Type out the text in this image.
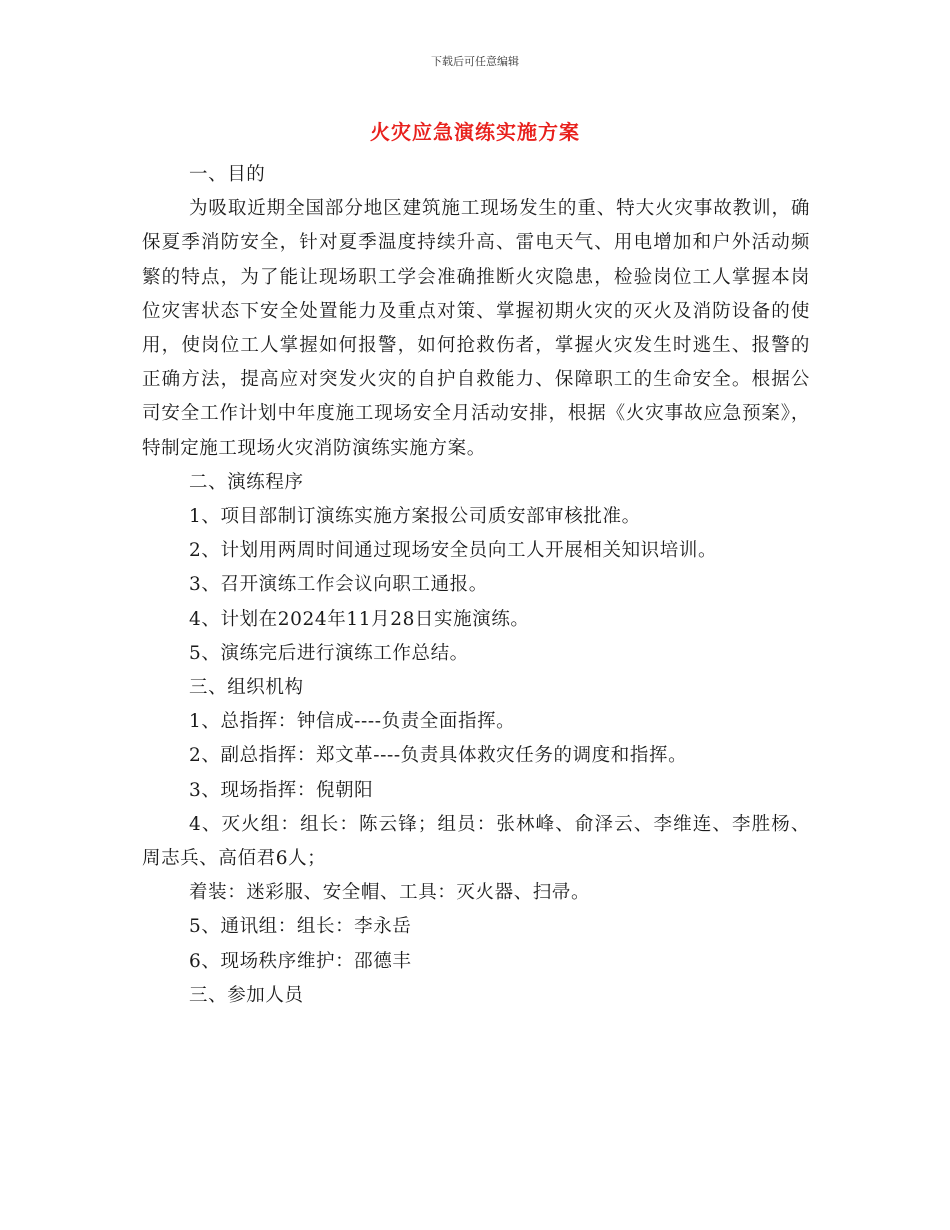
下载后可任意编辑
火灾应急演练实施方案

一、目的

为吸取近期全国部分地区建筑施工现场发生的重、特大火灾事故教训，确保夏季消防安全，针对夏季温度持续升高、雷电天气、用电增加和户外活动频繁的特点，为了能让现场职工学会准确推断火灾隐患，检验岗位工人掌握本岗位灾害状态下安全处置能力及重点对策、掌握初期火灾的灭火及消防设备的使用，使岗位工人掌握如何报警，如何抢救伤者，掌握火灾发生时逃生、报警的正确方法，提高应对突发火灾的自护自救能力、保障职工的生命安全。根据公司安全工作计划中年度施工现场安全月活动安排，根据《火灾事故应急预案》，特制定施工现场火灾消防演练实施方案。

二、演练程序

1、项目部制订演练实施方案报公司质安部审核批准。

2、计划用两周时间通过现场安全员向工人开展相关知识培训。

3、召开演练工作会议向职工通报。

4、计划在2024年11月28日实施演练。

5、演练完后进行演练工作总结。

三、组织机构

1、总指挥：钟信成----负责全面指挥。

2、副总指挥：郑文革----负责具体救灾任务的调度和指挥。

3、现场指挥：倪朝阳

4、灭火组：组长：陈云锋；组员：张林峰、俞泽云、李维连、李胜杨、周志兵、高佰君6人；

着装：迷彩服、安全帽、工具：灭火器、扫帚。

5、通讯组：组长：李永岳

6、现场秩序维护：邵德丰

三、参加人员
